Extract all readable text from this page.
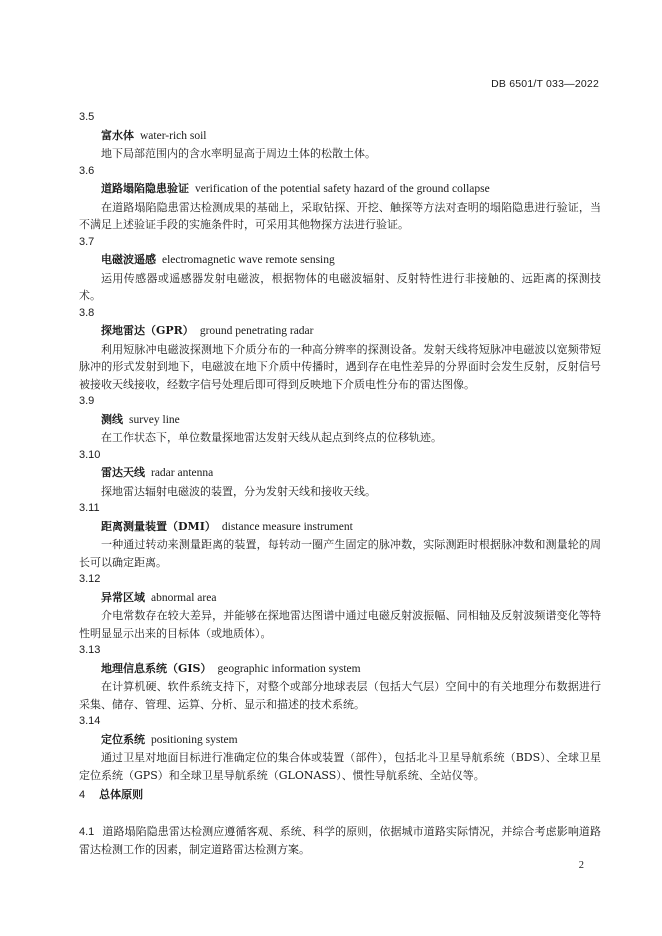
DB 6501/T 033—2022
3.5
富水体 water-rich soil
地下局部范围内的含水率明显高于周边土体的松散土体。
3.6
道路塌陷隐患验证 verification of the potential safety hazard of the ground collapse
在道路塌陷隐患雷达检测成果的基础上，采取钻探、开挖、触探等方法对查明的塌陷隐患进行验证，当不满足上述验证手段的实施条件时，可采用其他物探方法进行验证。
3.7
电磁波遥感 electromagnetic wave remote sensing
运用传感器或遥感器发射电磁波，根据物体的电磁波辐射、反射特性进行非接触的、远距离的探测技术。
3.8
探地雷达（GPR） ground penetrating radar
利用短脉冲电磁波探测地下介质分布的一种高分辨率的探测设备。发射天线将短脉冲电磁波以宽频带短脉冲的形式发射到地下，电磁波在地下介质中传播时，遇到存在电性差异的分界面时会发生反射，反射信号被接收天线接收，经数字信号处理后即可得到反映地下介质电性分布的雷达图像。
3.9
测线 survey line
在工作状态下，单位数量探地雷达发射天线从起点到终点的位移轨迹。
3.10
雷达天线 radar antenna
探地雷达辐射电磁波的装置，分为发射天线和接收天线。
3.11
距离测量装置（DMI） distance measure instrument
一种通过转动来测量距离的装置，每转动一圈产生固定的脉冲数，实际测距时根据脉冲数和测量轮的周长可以确定距离。
3.12
异常区域 abnormal area
介电常数存在较大差异，并能够在探地雷达图谱中通过电磁反射波振幅、同相轴及反射波频谱变化等特性明显显示出来的目标体（或地质体）。
3.13
地理信息系统（GIS） geographic information system
在计算机硬、软件系统支持下，对整个或部分地球表层（包括大气层）空间中的有关地理分布数据进行采集、储存、管理、运算、分析、显示和描述的技术系统。
3.14
定位系统 positioning system
通过卫星对地面目标进行准确定位的集合体或装置（部件），包括北斗卫星导航系统（BDS）、全球卫星定位系统（GPS）和全球卫星导航系统（GLONASS）、惯性导航系统、全站仪等。
4 总体原则
4.1 道路塌陷隐患雷达检测应遵循客观、系统、科学的原则，依据城市道路实际情况，并综合考虑影响道路雷达检测工作的因素，制定道路雷达检测方案。
2
